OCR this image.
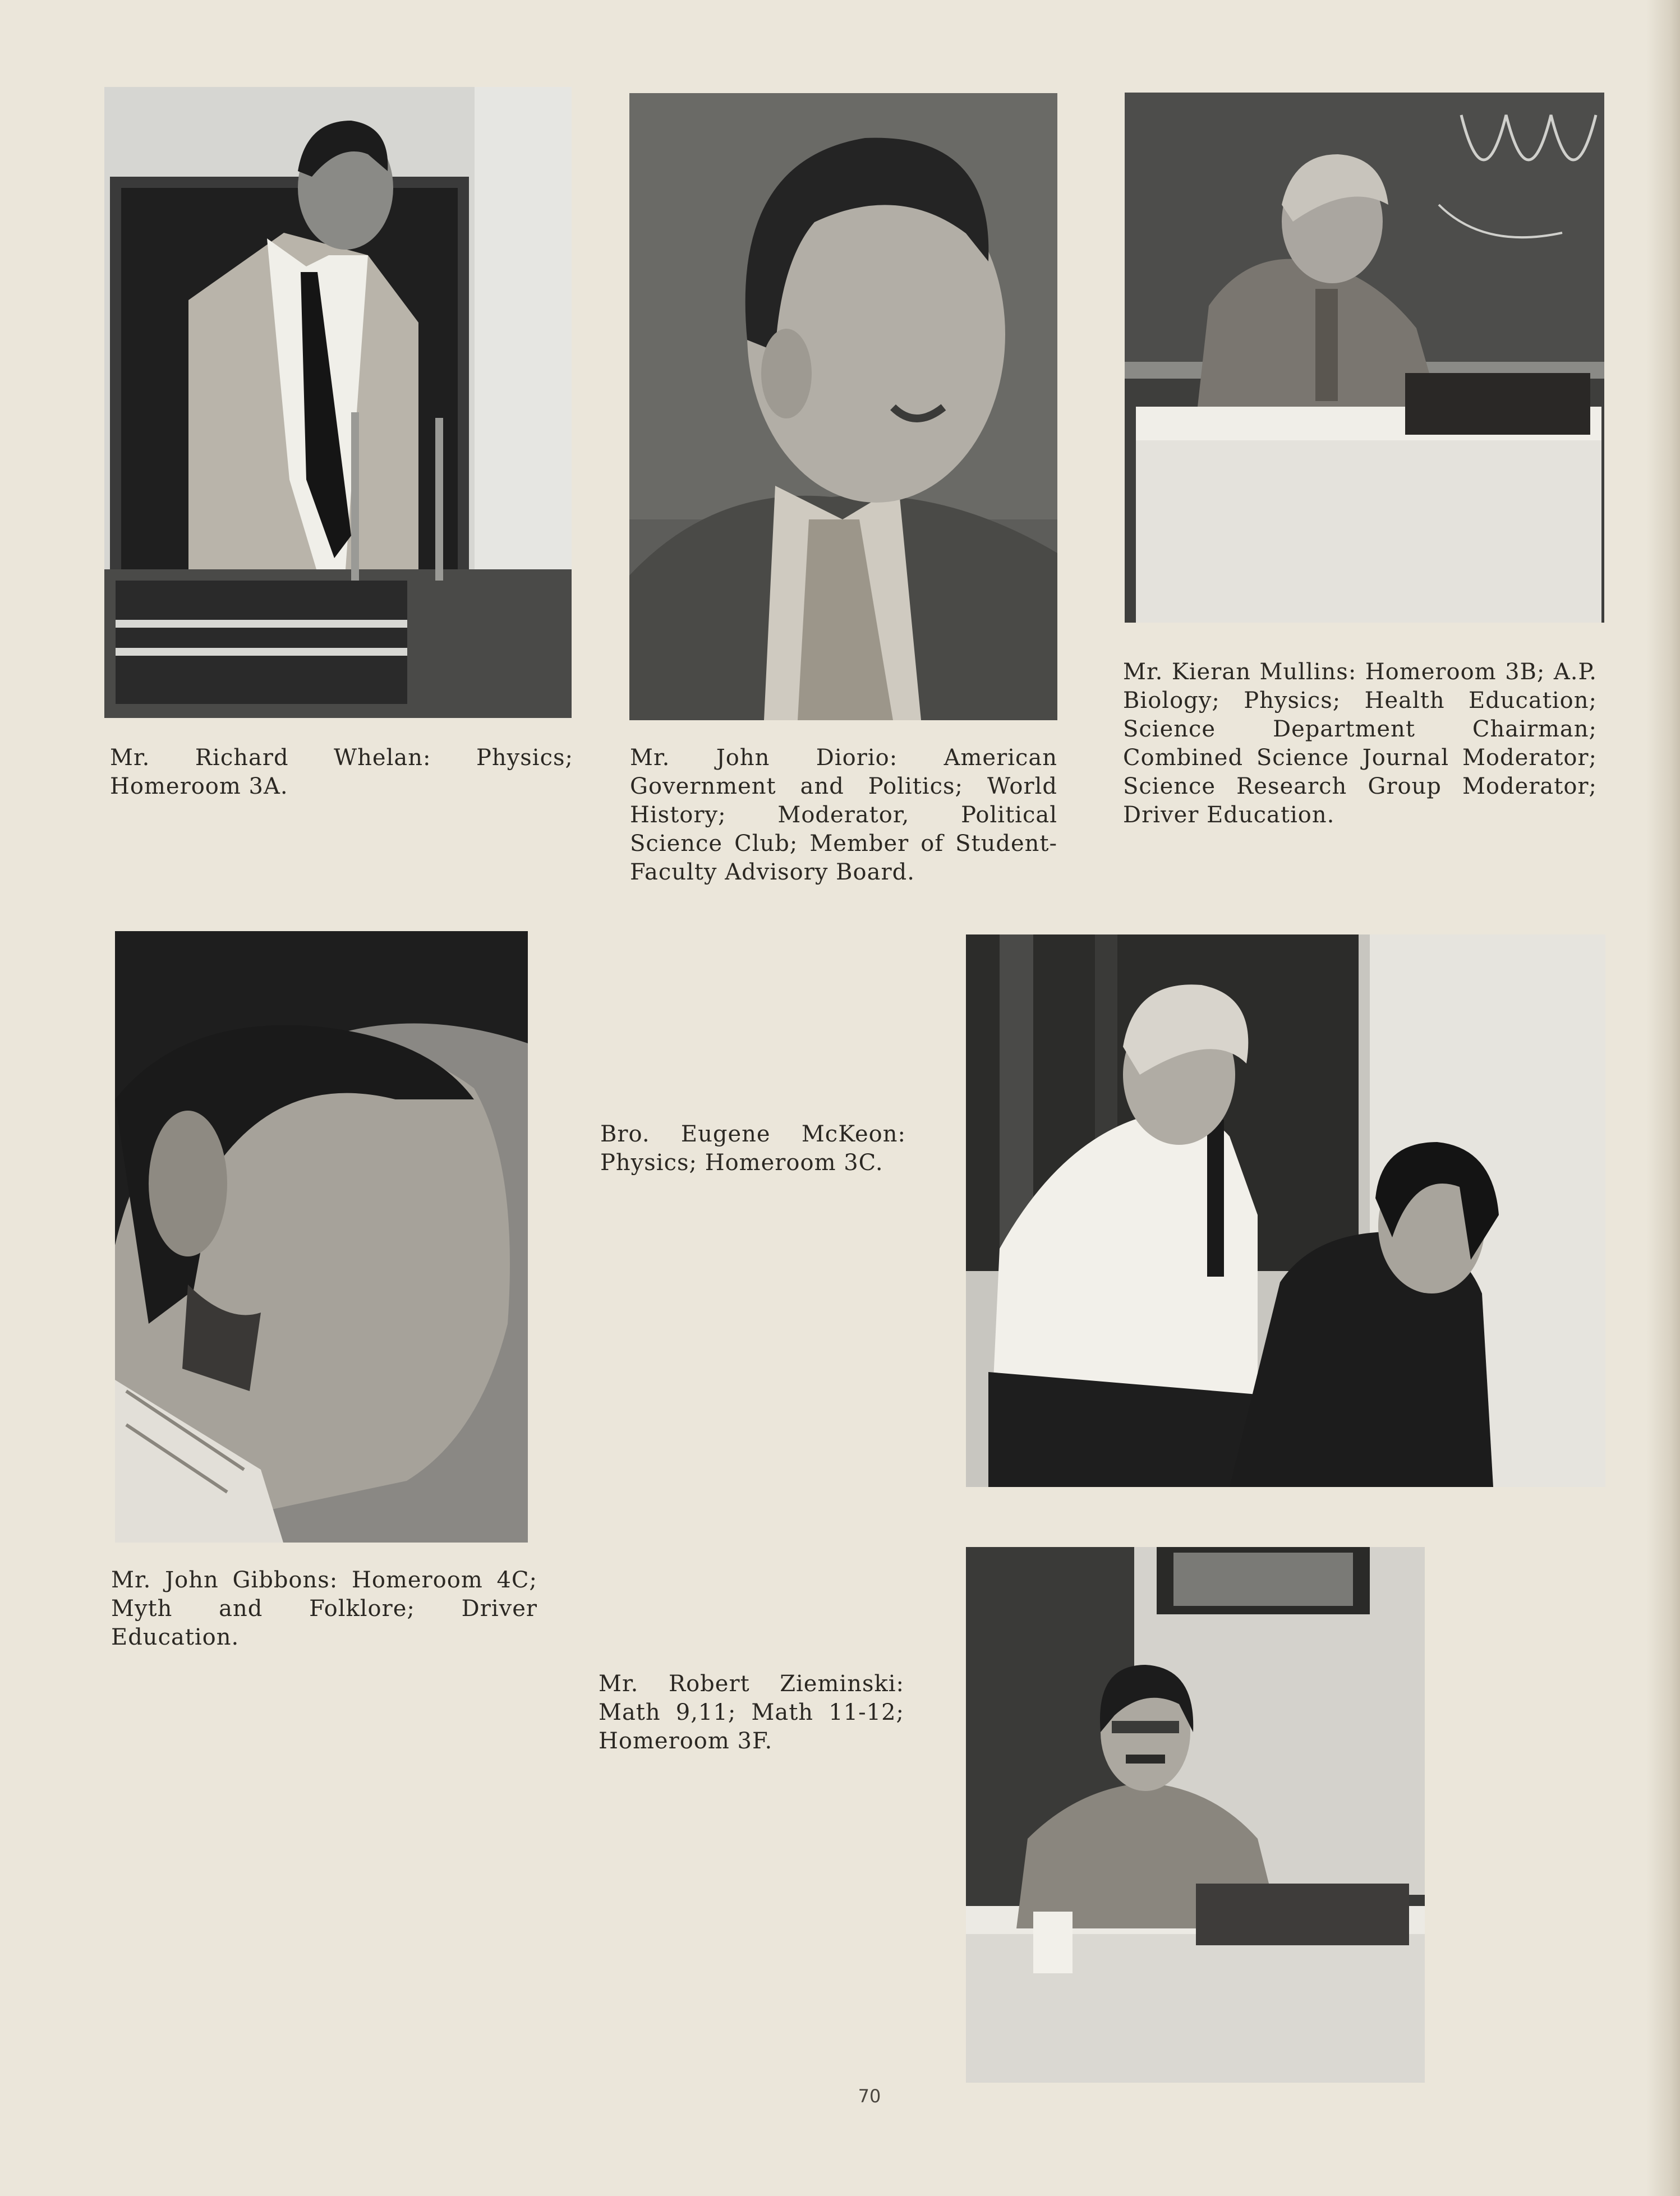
Mr. Richard Whelan: Physics; Homeroom 3A.

Mr. John Diorio: American Government and Politics; World History; Moderator, Political Science Club; Member of Student-Faculty Advisory Board.

Mr. Kieran Mullins: Homeroom 3B; A.P. Biology; Physics; Health Education; Science Department Chairman; Combined Science Journal Moderator; Science Research Group Moderator; Driver Education.

Mr. John Gibbons: Homeroom 4C; Myth and Folklore; Driver Education.

Bro. Eugene McKeon: Physics; Homeroom 3C.

Mr. Robert Zieminski: Math 9,11; Math 11-12; Homeroom 3F.

70
